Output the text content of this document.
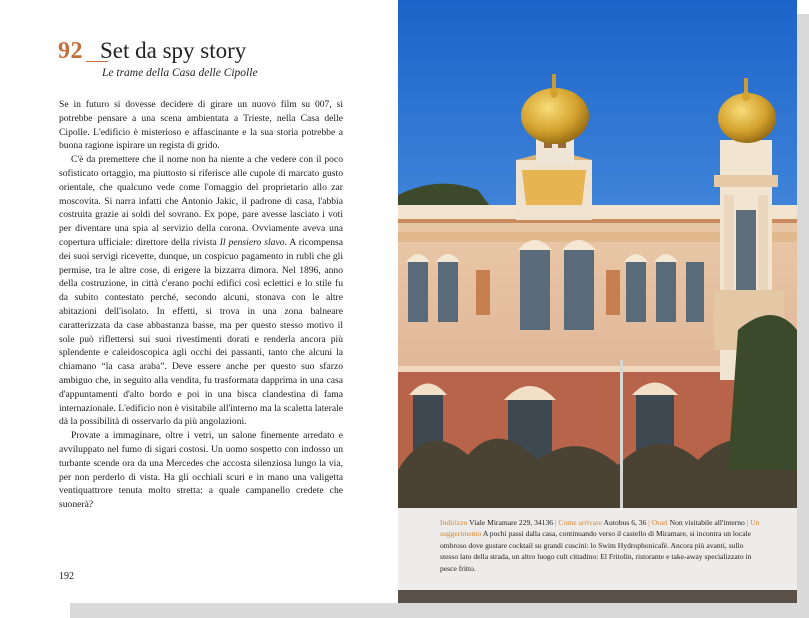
92 Set da spy story
Le trame della Casa delle Cipolle

Se in futuro si dovesse decidere di girare un nuovo film su 007, si potrebbe pensare a una scena ambientata a Trieste, nella Casa delle Cipolle. L'edificio è misterioso e affascinante e la sua storia potrebbe a buona ragione ispirare un regista di grido.

C'è da premettere che il nome non ha niente a che vedere con il poco sofisticato ortaggio, ma piuttosto si riferisce alle cupole di marcato gusto orientale, che qualcuno vede come l'omaggio del proprietario allo zar moscovita. Si narra infatti che Antonio Jakic, il padrone di casa, l'abbia costruita grazie ai soldi del sovrano. Ex pope, pare avesse lasciato i voti per diventare una spia al servizio della corona. Ovviamente aveva una copertura ufficiale: direttore della rivista Il pensiero slavo. A ricompensa dei suoi servigi ricevette, dunque, un cospicuo pagamento in rubli che gli permise, tra le altre cose, di erigere la bizzarra dimora. Nel 1896, anno della costruzione, in città c'erano pochi edifici così eclettici e lo stile fu da subito contestato perché, secondo alcuni, stonava con le altre abitazioni dell'isolato. In effetti, si trova in una zona balneare caratterizzata da case abbastanza basse, ma per questo stesso motivo il sole può riflettersi sui suoi rivestimenti dorati e renderla ancora più splendente e caleidoscopica agli occhi dei passanti, tanto che alcuni la chiamano “la casa araba”. Deve essere anche per questo suo sfarzo ambiguo che, in seguito alla vendita, fu trasformata dapprima in una casa d'appuntamenti d'alto bordo e poi in una bisca clandestina di fama internazionale. L'edificio non è visitabile all'interno ma la scaletta laterale dà la possibilità di osservarlo da più angolazioni.

Provate a immaginare, oltre i vetri, un salone finemente arredato e avviluppato nel fumo di sigari costosi. Un uomo sospetto con indosso un turbante scende ora da una Mercedes che accosta silenziosa lungo la via, per non perderlo di vista. Ha gli occhiali scuri e in mano una valigetta ventiquattrore tenuta molto stretta: a quale campanello credete che suonerà?

192
Indirizzo Viale Miramare 229, 34136 | Come arrivare Autobus 6, 36 | Orari Non visitabile all'interno | Un suggerimento A pochi passi dalla casa, continuando verso il castello di Miramare, si incontra un locale ombroso dove gustare cocktail su grandi cuscini: lo Swim Hydrophonicafè. Ancora più avanti, sullo stesso lato della strada, un altro luogo cult cittadino: El Fritolin, ristorante e take-away specializzato in pesce fritto.
